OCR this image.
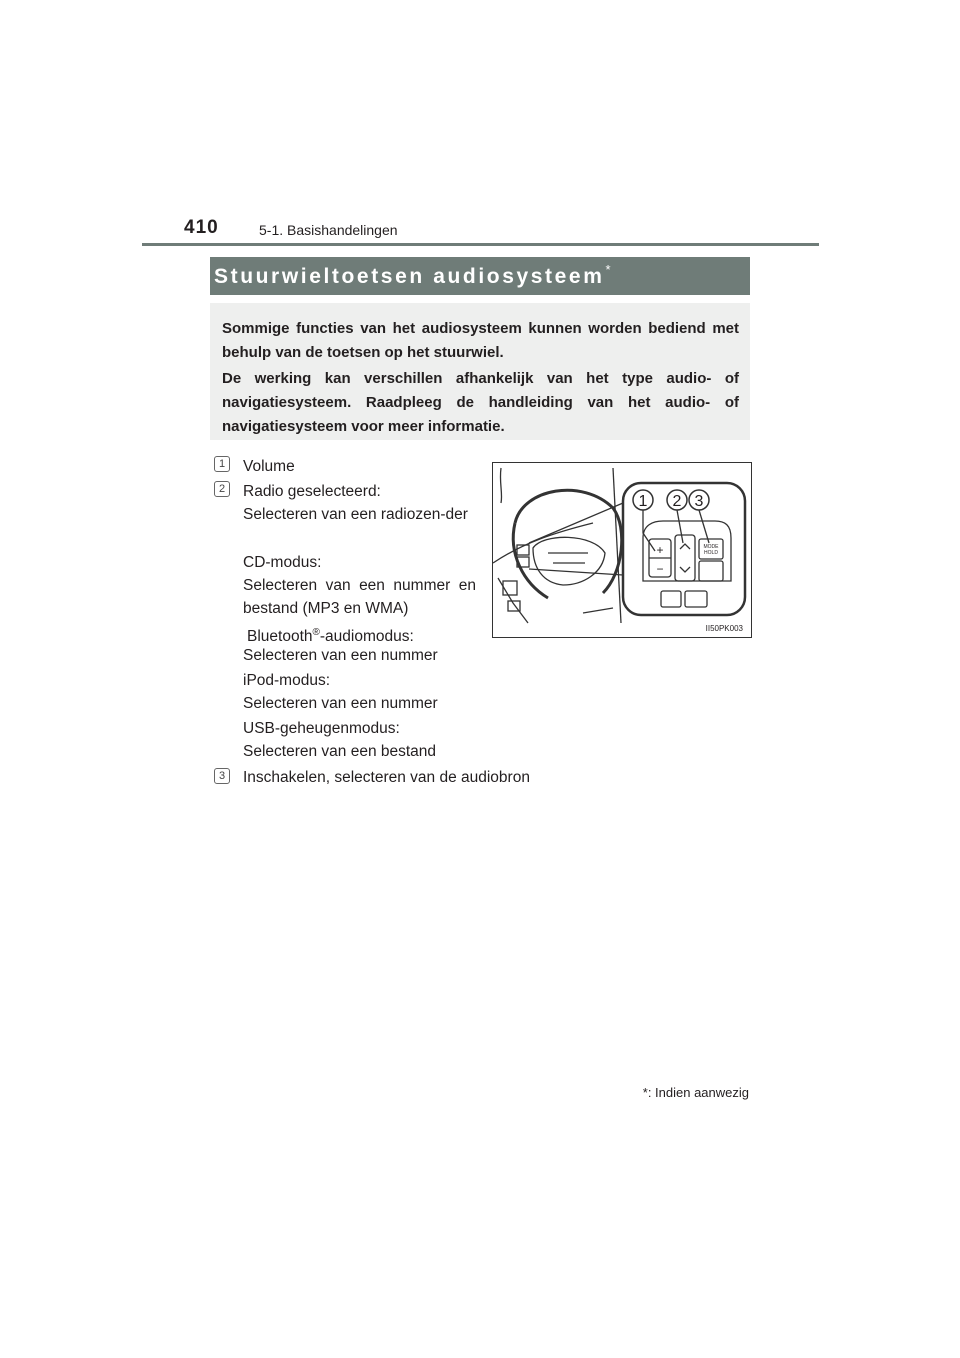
410	5-1. Basishandelingen
Stuurwieltoetsen audiosysteem*
Sommige functies van het audiosysteem kunnen worden bediend met behulp van de toetsen op het stuurwiel.
De werking kan verschillen afhankelijk van het type audio- of navigatiesysteem. Raadpleeg de handleiding van het audio- of navigatiesysteem voor meer informatie.
1	Volume
2	Radio geselecteerd:
Selecteren van een radiozen-der
CD-modus:
Selecteren van een nummer en bestand (MP3 en WMA)
Bluetooth®-audiomodus:
Selecteren van een nummer
iPod-modus:
Selecteren van een nummer
USB-geheugenmodus:
Selecteren van een bestand
3	Inschakelen, selecteren van de audiobron
1 2 3
+
−
MODE
HOLD
II50PK003
*: Indien aanwezig
